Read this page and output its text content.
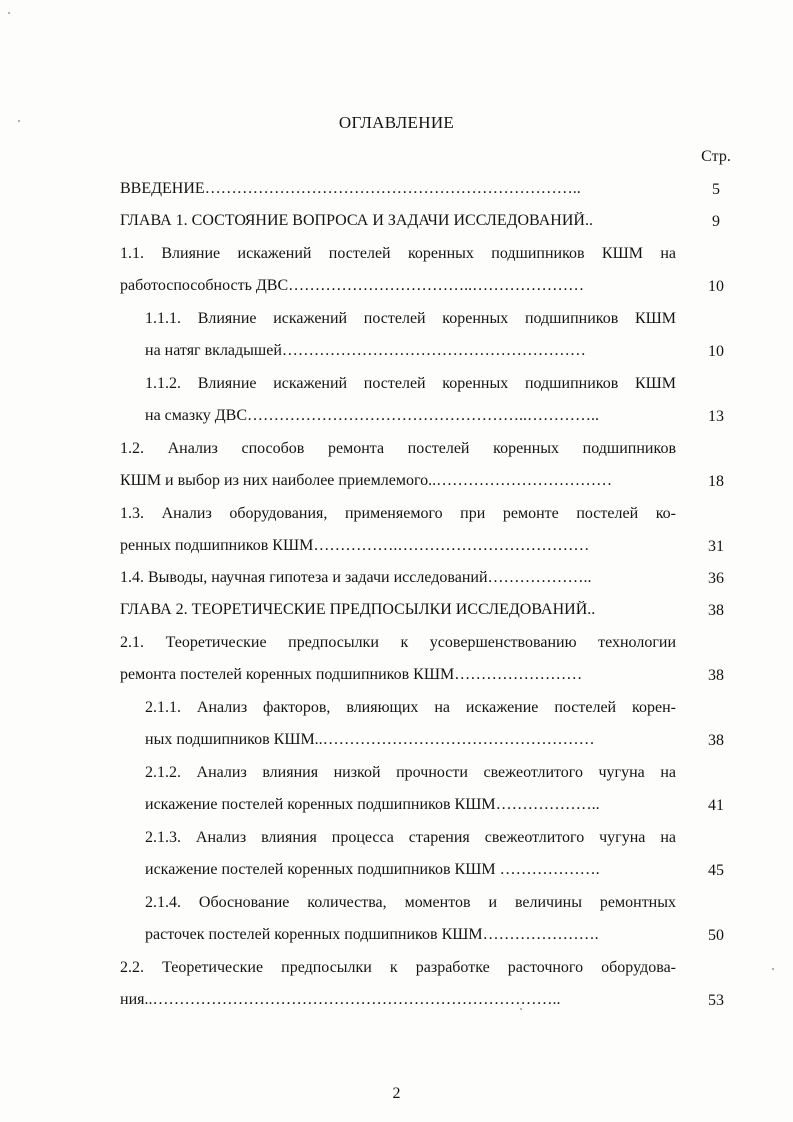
ОГЛАВЛЕНИЕ
Стр.
ВВЕДЕНИЕ……………………………………………………………..	5
ГЛАВА 1. СОСТОЯНИЕ ВОПРОСА И ЗАДАЧИ ИССЛЕДОВАНИЙ..	9
1.1. Влияние искажений постелей коренных подшипников КШМ на
работоспособность ДВС……………………………..…………………	10
1.1.1. Влияние искажений постелей коренных подшипников КШМ
на натяг вкладышей…………………………………………………	10
1.1.2. Влияние искажений постелей коренных подшипников КШМ
на смазку ДВС……………………………………………..…………..	13
1.2. Анализ способов ремонта постелей коренных подшипников
КШМ и выбор из них наиболее приемлемого..……………………………	18
1.3. Анализ оборудования, применяемого при ремонте постелей ко-
ренных подшипников КШМ…………….………………………………	31
1.4. Выводы, научная гипотеза и задачи исследований………………..	36
ГЛАВА 2. ТЕОРЕТИЧЕСКИЕ ПРЕДПОСЫЛКИ ИССЛЕДОВАНИЙ..	38
2.1. Теоретические предпосылки к усовершенствованию технологии
ремонта постелей коренных подшипников КШМ……………………	38
2.1.1. Анализ факторов, влияющих на искажение постелей корен-
ных подшипников КШМ..……………………………………………	38
2.1.2. Анализ влияния низкой прочности свежеотлитого чугуна на
искажение постелей коренных подшипников КШМ………………..	41
2.1.3. Анализ влияния процесса старения свежеотлитого чугуна на
искажение постелей коренных подшипников КШМ ……………….	45
2.1.4. Обоснование количества, моментов и величины ремонтных
расточек постелей коренных подшипников КШМ………………….	50
2.2. Теоретические предпосылки к разработке расточного оборудова-
ния..…………………………………………………………………..	53
2
